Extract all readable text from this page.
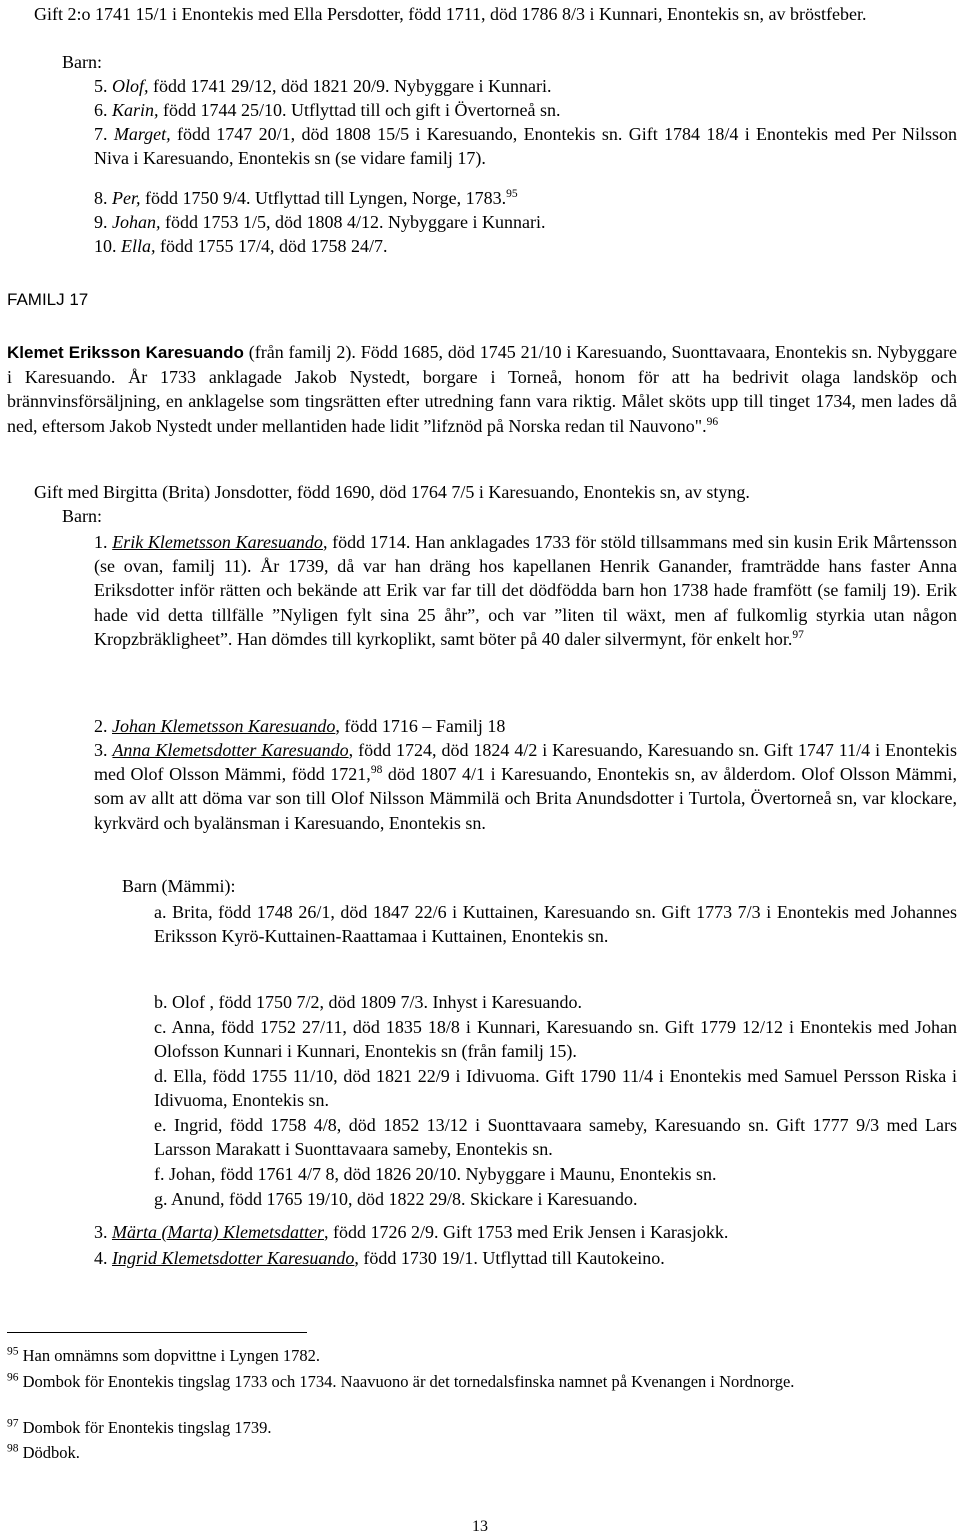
Gift 2:o 1741 15/1 i Enontekis med Ella Persdotter, född 1711, död 1786 8/3 i Kunnari, Enontekis sn, av bröstfeber.

Barn:

5. Olof, född 1741 29/12, död 1821 20/9. Nybyggare i Kunnari.

6. Karin, född 1744 25/10. Utflyttad till och gift i Övertorneå sn.

7. Marget, född 1747 20/1, död 1808 15/5 i Karesuando, Enontekis sn. Gift 1784 18/4 i Enontekis med Per Nilsson Niva i Karesuando, Enontekis sn (se vidare familj 17).

8. Per, född 1750 9/4. Utflyttad till Lyngen, Norge, 1783.95

9. Johan, född 1753 1/5, död 1808 4/12. Nybyggare i Kunnari.

10. Ella, född 1755 17/4, död 1758 24/7.

FAMILJ 17

Klemet Eriksson Karesuando (från familj 2). Född 1685, död 1745 21/10 i Karesuando, Suonttavaara, Enontekis sn. Nybyggare i Karesuando. År 1733 anklagade Jakob Nystedt, borgare i Torneå, honom för att ha bedrivit olaga landsköp och brännvinsförsäljning, en anklagelse som tingsrätten efter utredning fann vara riktig. Målet sköts upp till tinget 1734, men lades då ned, eftersom Jakob Nystedt under mellantiden hade lidit ”lifznöd på Norska redan til Nauvono".$^{96}$

Gift med Birgitta (Brita) Jonsdotter, född 1690, död 1764 7/5 i Karesuando, Enontekis sn, av styng.

Barn:

1. Erik Klemetsson Karesuando, född 1714. Han anklagades 1733 för stöld tillsammans med sin kusin Erik Mårtensson (se ovan, familj 11). År 1739, då var han dräng hos kapellanen Henrik Ganander, framträdde hans faster Anna Eriksdotter inför rätten och bekände att Erik var far till det dödfödda barn hon 1738 hade framfött (se familj 19). Erik hade vid detta tillfälle ”Nyligen fylt sina 25 åhr”, och var ”liten til wäxt, men af fulkomlig styrkia utan någon Kropzbräkligheet”. Han dömdes till kyrkoplikt, samt böter på 40 daler silvermynt, för enkelt hor.$^{97}$

2. Johan Klemetsson Karesuando, född 1716 – Familj 18

3. Anna Klemetsdotter Karesuando, född 1724, död 1824 4/2 i Karesuando, Karesuando sn. Gift 1747 11/4 i Enontekis med Olof Olsson Mämmi, född 1721,98 död 1807 4/1 i Karesuando, Enontekis sn, av ålderdom. Olof Olsson Mämmi, som av allt att döma var son till Olof Nilsson Mämmilä och Brita Anundsdotter i Turtola, Övertorneå sn, var klockare, kyrkvärd och byalänsman i Karesuando, Enontekis sn.

Barn (Mämmi):

a. Brita, född 1748 26/1, död 1847 22/6 i Kuttainen, Karesuando sn. Gift 1773 7/3 i Enontekis med Johannes Eriksson Kyrö-Kuttainen-Raattamaa i Kuttainen, Enontekis sn.

b. Olof , född 1750 7/2, död 1809 7/3. Inhyst i Karesuando.

c. Anna, född 1752 27/11, död 1835 18/8 i Kunnari, Karesuando sn. Gift 1779 12/12 i Enontekis med Johan Olofsson Kunnari i Kunnari, Enontekis sn (från familj 15).

d. Ella, född 1755 11/10, död 1821 22/9 i Idivuoma. Gift 1790 11/4 i Enontekis med Samuel Persson Riska i Idivuoma, Enontekis sn.

e. Ingrid, född 1758 4/8, död 1852 13/12 i Suonttavaara sameby, Karesuando sn. Gift 1777 9/3 med Lars Larsson Marakatt i Suonttavaara sameby, Enontekis sn.

f. Johan, född 1761 4/7 8, död 1826 20/10. Nybyggare i Maunu, Enontekis sn.

g. Anund, född 1765 19/10, död 1822 29/8. Skickare i Karesuando.

3. Märta (Marta) Klemetsdatter, född 1726 2/9. Gift 1753 med Erik Jensen i Karasjokk.

4. Ingrid Klemetsdotter Karesuando, född 1730 19/1. Utflyttad till Kautokeino.

$^{95}$ Han omnämns som dopvittne i Lyngen 1782.

$^{96}$ Dombok för Enontekis tingslag 1733 och 1734. Naavuono är det tornedalsfinska namnet på Kvenangen i Nordnorge.

$^{97}$ Dombok för Enontekis tingslag 1739.

$^{98}$ Dödbok.

13
